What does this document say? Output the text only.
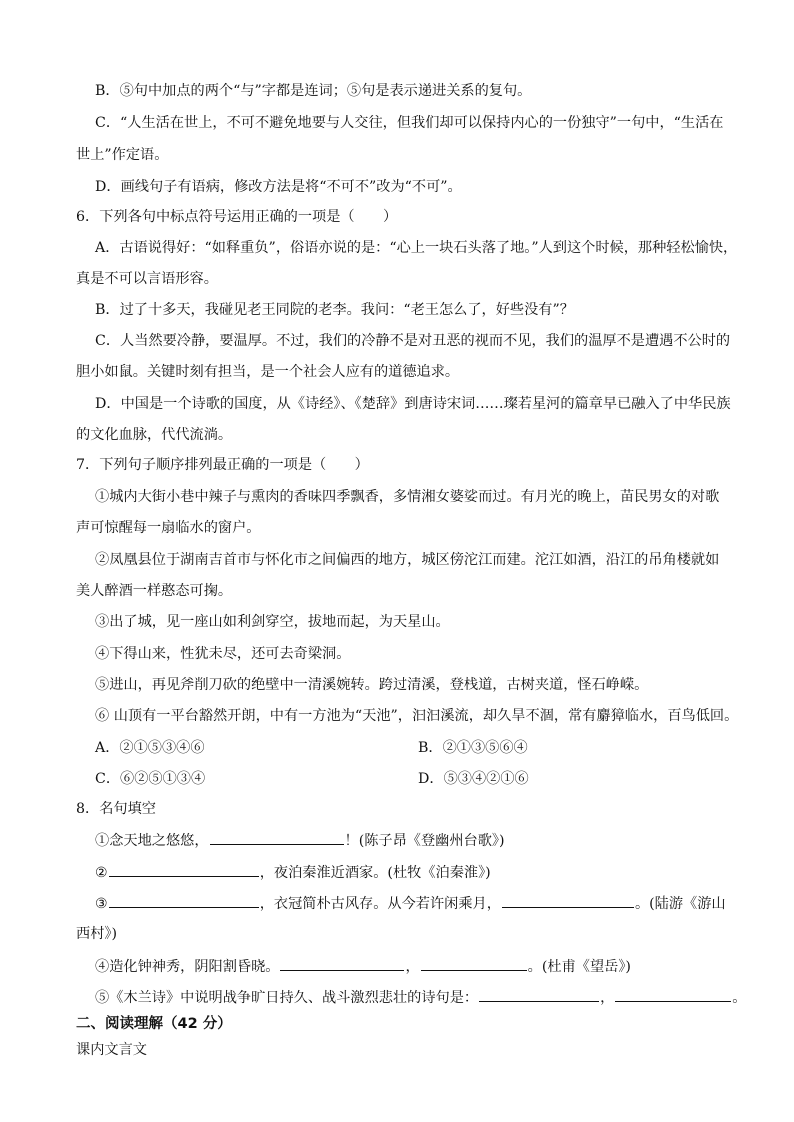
B．⑤句中加点的两个“与”字都是连词；⑤句是表示递进关系的复句。
C．“人生活在世上，不可不避免地要与人交往，但我们却可以保持内心的一份独守”一句中，“生活在
世上”作定语。
D．画线句子有语病，修改方法是将“不可不”改为“不可”。
6．下列各句中标点符号运用正确的一项是（　　）
A．古语说得好：“如释重负”，俗语亦说的是：“心上一块石头落了地。”人到这个时候，那种轻松愉快，
真是不可以言语形容。
B．过了十多天，我碰见老王同院的老李。我问：“老王怎么了，好些没有”？
C．人当然要冷静，要温厚。不过，我们的冷静不是对丑恶的视而不见，我们的温厚不是遭遇不公时的
胆小如鼠。关键时刻有担当，是一个社会人应有的道德追求。
D．中国是一个诗歌的国度，从《诗经》、《楚辞》到唐诗宋词……璨若星河的篇章早已融入了中华民族
的文化血脉，代代流淌。
7．下列句子顺序排列最正确的一项是（　　）
①城内大街小巷中辣子与熏肉的香味四季飘香，多情湘女婆娑而过。有月光的晚上，苗民男女的对歌
声可惊醒每一扇临水的窗户。
②凤凰县位于湖南吉首市与怀化市之间偏西的地方，城区傍沱江而建。沱江如酒，沿江的吊角楼就如
美人醉酒一样憨态可掬。
③出了城，见一座山如利剑穿空，拔地而起，为天星山。
④下得山来，性犹未尽，还可去奇梁洞。
⑤进山，再见斧削刀砍的绝壁中一清溪婉转。跨过清溪，登栈道，古树夹道，怪石峥嵘。
⑥ 山顶有一平台豁然开朗，中有一方池为“天池”，汩汩溪流，却久旱不涸，常有麝獐临水，百鸟低回。
A．②①⑤③④⑥	B．②①③⑤⑥④
C．⑥②⑤①③④	D．⑤③④②①⑥
8．名句填空
①念天地之悠悠，	！(陈子昂《登幽州台歌》)
②	，夜泊秦淮近酒家。(杜牧《泊秦淮》)
③	，衣冠简朴古风存。从今若许闲乘月，	。(陆游《游山
西村》)
④造化钟神秀，阴阳割昏晓。	，	。(杜甫《望岳》)
⑤《木兰诗》中说明战争旷日持久、战斗激烈悲壮的诗句是：	，	。
二、阅读理解（42 分）
课内文言文
